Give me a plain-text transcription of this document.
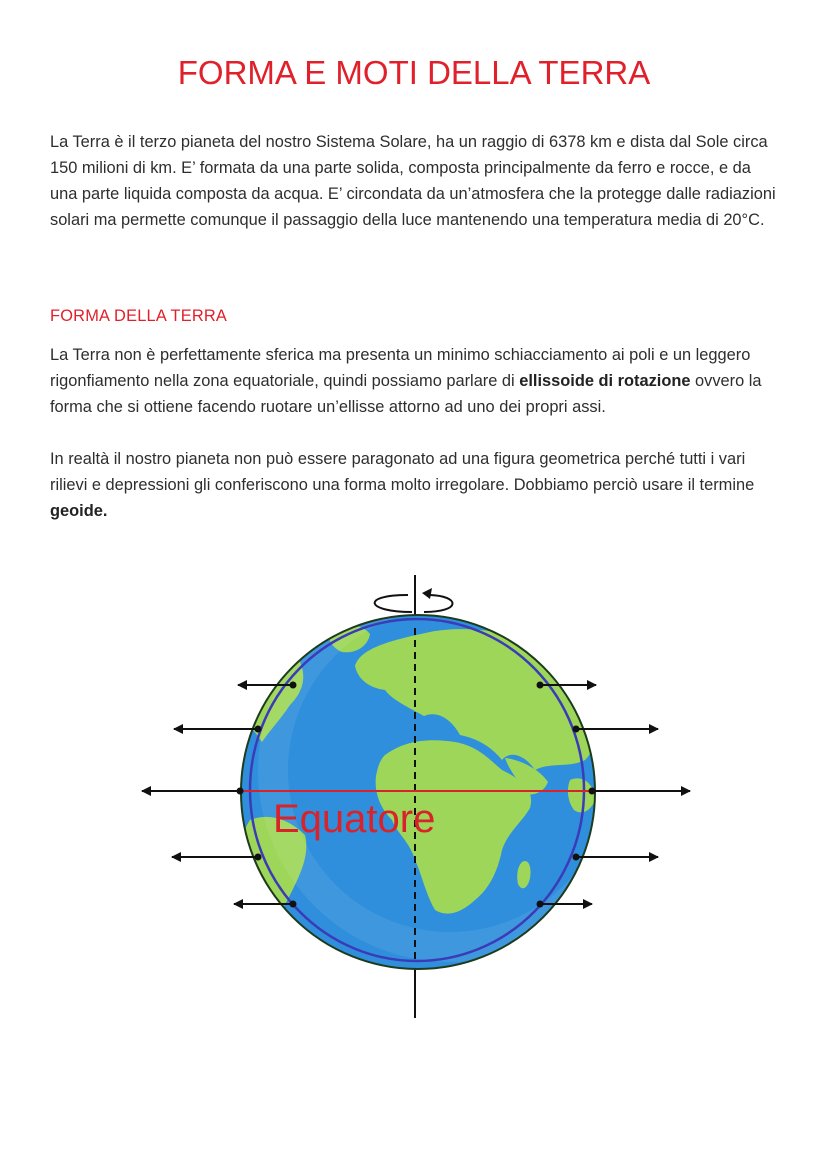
FORMA E MOTI DELLA TERRA

La Terra è il terzo pianeta del nostro Sistema Solare, ha un raggio di 6378 km e dista dal Sole circa 150 milioni di km. E’ formata da una parte solida, composta principalmente da ferro e rocce, e da una parte liquida composta da acqua. E’ circondata da un’atmosfera che la protegge dalle radiazioni solari ma permette comunque il passaggio della luce mantenendo una temperatura media di 20°C.

FORMA DELLA TERRA

La Terra non è perfettamente sferica ma presenta un minimo schiacciamento ai poli e un leggero rigonfiamento nella zona equatoriale, quindi possiamo parlare di ellissoide di rotazione ovvero la forma che si ottiene facendo ruotare un’ellisse attorno ad uno dei propri assi.

In realtà il nostro pianeta non può essere paragonato ad una figura geometrica perché tutti i vari rilievi e depressioni gli conferiscono una forma molto irregolare. Dobbiamo perciò usare il termine geoide.

Equatore
